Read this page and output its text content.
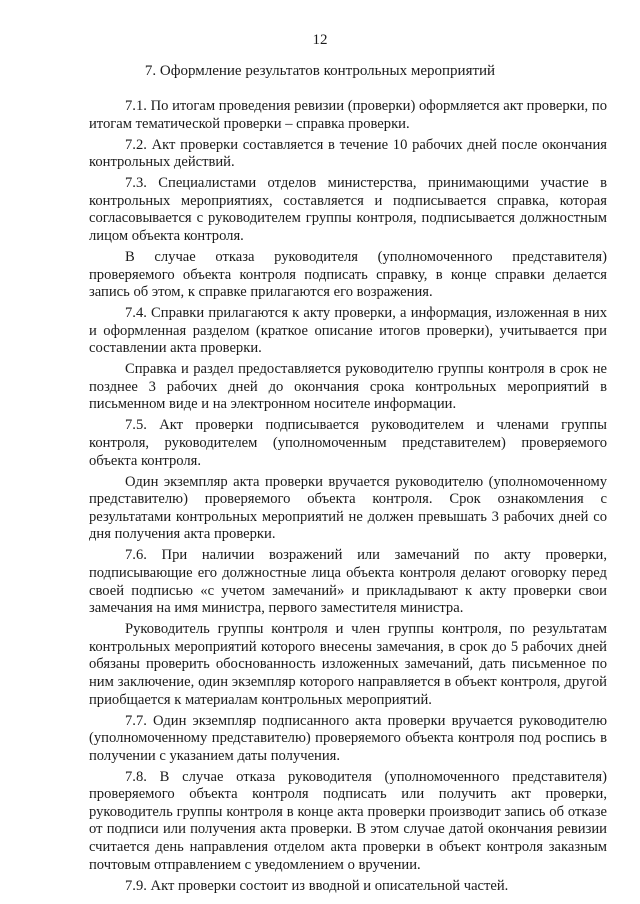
12
7. Оформление результатов контрольных мероприятий

7.1. По итогам проведения ревизии (проверки) оформляется акт проверки, по итогам тематической проверки – справка проверки.

7.2. Акт проверки составляется в течение 10 рабочих дней после окончания контрольных действий.

7.3. Специалистами отделов министерства, принимающими участие в контрольных мероприятиях, составляется и подписывается справка, которая согласовывается с руководителем группы контроля, подписывается должностным лицом объекта контроля.

В случае отказа руководителя (уполномоченного представителя) проверяемого объекта контроля подписать справку, в конце справки делается запись об этом, к справке прилагаются его возражения.

7.4. Справки прилагаются к акту проверки, а информация, изложенная в них и оформленная разделом (краткое описание итогов проверки), учитывается при составлении акта проверки.

Справка и раздел предоставляется руководителю группы контроля в срок не позднее 3 рабочих дней до окончания срока контрольных мероприятий в письменном виде и на электронном носителе информации.

7.5. Акт проверки подписывается руководителем и членами группы контроля, руководителем (уполномоченным представителем) проверяемого объекта контроля.

Один экземпляр акта проверки вручается руководителю (уполномоченному представителю) проверяемого объекта контроля. Срок ознакомления с результатами контрольных мероприятий не должен превышать 3 рабочих дней со дня получения акта проверки.

7.6. При наличии возражений или замечаний по акту проверки, подписывающие его должностные лица объекта контроля делают оговорку перед своей подписью «с учетом замечаний» и прикладывают к акту проверки свои замечания на имя министра, первого заместителя министра.

Руководитель группы контроля и член группы контроля, по результатам контрольных мероприятий которого внесены замечания, в срок до 5 рабочих дней обязаны проверить обоснованность изложенных замечаний, дать письменное по ним заключение, один экземпляр которого направляется в объект контроля, другой приобщается к материалам контрольных мероприятий.

7.7. Один экземпляр подписанного акта проверки вручается руководителю (уполномоченному представителю) проверяемого объекта контроля под роспись в получении с указанием даты получения.

7.8. В случае отказа руководителя (уполномоченного представителя) проверяемого объекта контроля подписать или получить акт проверки, руководитель группы контроля в конце акта проверки производит запись об отказе от подписи или получения акта проверки. В этом случае датой окончания ревизии считается день направления отделом акта проверки в объект контроля заказным почтовым отправлением с уведомлением о вручении.

7.9. Акт проверки состоит из вводной и описательной частей.
